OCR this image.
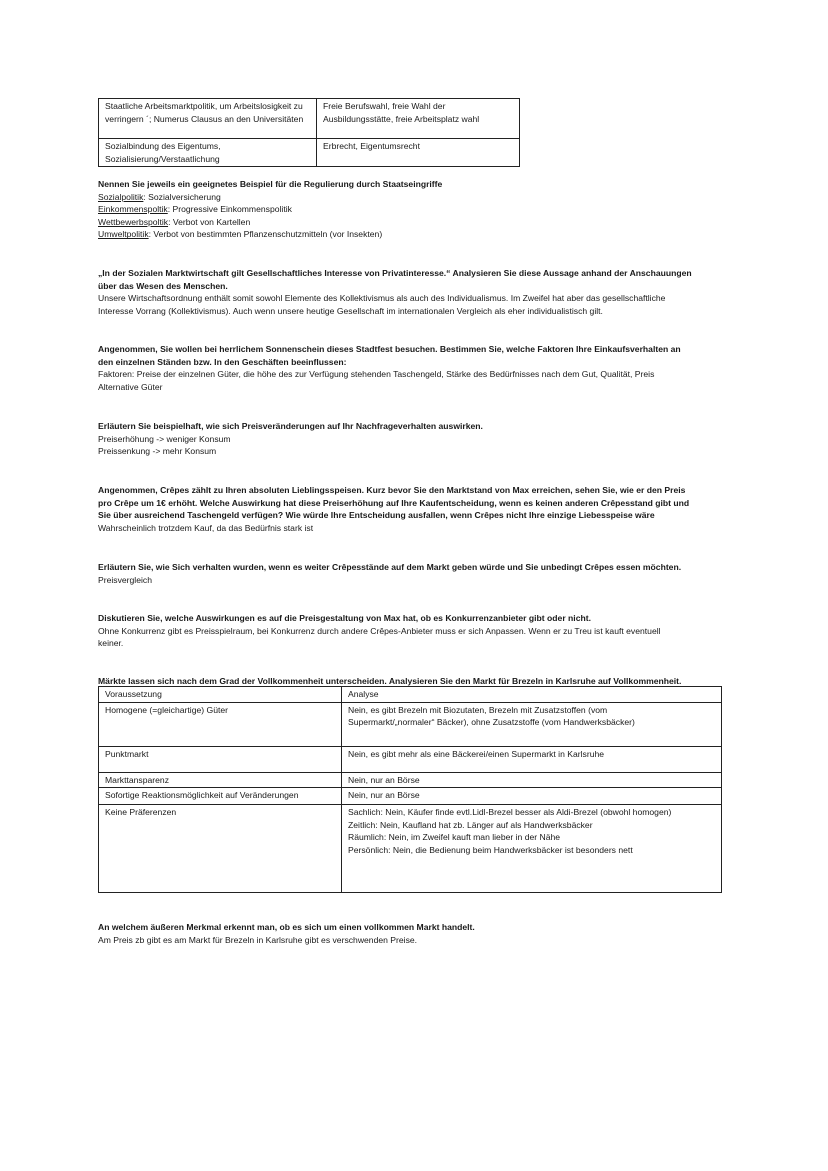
Staatliche Arbeitsmarktpolitik, um Arbeitslosigkeit zu verringern ´; Numerus Clausus an den Universitäten	Freie Berufswahl, freie Wahl der Ausbildungsstätte, freie Arbeitsplatz wahl
Sozialbindung des Eigentums, Sozialisierung/Verstaatlichung	Erbrecht, Eigentumsrecht

Nennen Sie jeweils ein geeignetes Beispiel für die Regulierung durch Staatseingriffe

Sozialpolitik: Sozialversicherung

Einkommenspoltik: Progressive Einkommenspolitik

Wettbewerbspoltik: Verbot von Kartellen

Umweltpolitik: Verbot von bestimmten Pflanzenschutzmitteln (vor Insekten)

„In der Sozialen Marktwirtschaft gilt Gesellschaftliches Interesse von Privatinteresse.“ Analysieren Sie diese Aussage anhand der Anschauungen

über das Wesen des Menschen.

Unsere Wirtschaftsordnung enthält somit sowohl Elemente des Kollektivismus als auch des Individualismus. Im Zweifel hat aber das gesellschaftliche

Interesse Vorrang (Kollektivismus). Auch wenn unsere heutige Gesellschaft im internationalen Vergleich als eher individualistisch gilt.

Angenommen, Sie wollen bei herrlichem Sonnenschein dieses Stadtfest besuchen. Bestimmen Sie, welche Faktoren Ihre Einkaufsverhalten an

den einzelnen Ständen bzw. In den Geschäften beeinflussen:

Faktoren: Preise der einzelnen Güter, die höhe des zur Verfügung stehenden Taschengeld, Stärke des Bedürfnisses nach dem Gut, Qualität, Preis

Alternative Güter

Erläutern Sie beispielhaft, wie sich Preisveränderungen auf Ihr Nachfrageverhalten auswirken.

Preiserhöhung -> weniger Konsum

Preissenkung -> mehr Konsum

Angenommen, Crêpes zählt zu Ihren absoluten Lieblingsspeisen. Kurz bevor Sie den Marktstand von Max erreichen, sehen Sie, wie er den Preis

pro Crêpe um 1€ erhöht. Welche Auswirkung hat diese Preiserhöhung auf Ihre Kaufentscheidung, wenn es keinen anderen Crêpesstand gibt und

Sie über ausreichend Taschengeld verfügen? Wie würde Ihre Entscheidung ausfallen, wenn Crêpes nicht Ihre einzige Liebesspeise wäre

Wahrscheinlich trotzdem Kauf, da das Bedürfnis stark ist

Erläutern Sie, wie Sich verhalten wurden, wenn es weiter Crêpesstände auf dem Markt geben würde und Sie unbedingt Crêpes essen möchten.

Preisvergleich

Diskutieren Sie, welche Auswirkungen es auf die Preisgestaltung von Max hat, ob es Konkurrenzanbieter gibt oder nicht.

Ohne Konkurrenz gibt es Preisspielraum, bei Konkurrenz durch andere Crêpes-Anbieter muss er sich Anpassen. Wenn er zu Treu ist kauft eventuell

keiner.

Märkte lassen sich nach dem Grad der Vollkommenheit unterscheiden. Analysieren Sie den Markt für Brezeln in Karlsruhe auf Vollkommenheit.

Voraussetzung	Analyse
Homogene (=gleichartige) Güter	Nein, es gibt Brezeln mit Biozutaten, Brezeln mit Zusatzstoffen (vom

Supermarkt/„normaler“ Bäcker), ohne Zusatzstoffe (vom Handwerksbäcker)

Punktmarkt	Nein, es gibt mehr als eine Bäckerei/einen Supermarkt in Karlsruhe

Markttansparenz	Nein, nur an Börse

Sofortige Reaktionsmöglichkeit auf Veränderungen	Nein, nur an Börse

Keine Präferenzen	Sachlich: Nein, Käufer finde evtl.Lidl-Brezel besser als Aldi-Brezel (obwohl homogen)

Zeitlich: Nein, Kaufland hat zb. Länger auf als Handwerksbäcker

Räumlich: Nein, im Zweifel kauft man lieber in der Nähe

Persönlich: Nein, die Bedienung beim Handwerksbäcker ist besonders nett

An welchem äußeren Merkmal erkennt man, ob es sich um einen vollkommen Markt handelt.

Am Preis zb gibt es am Markt für Brezeln in Karlsruhe gibt es verschwenden Preise.
